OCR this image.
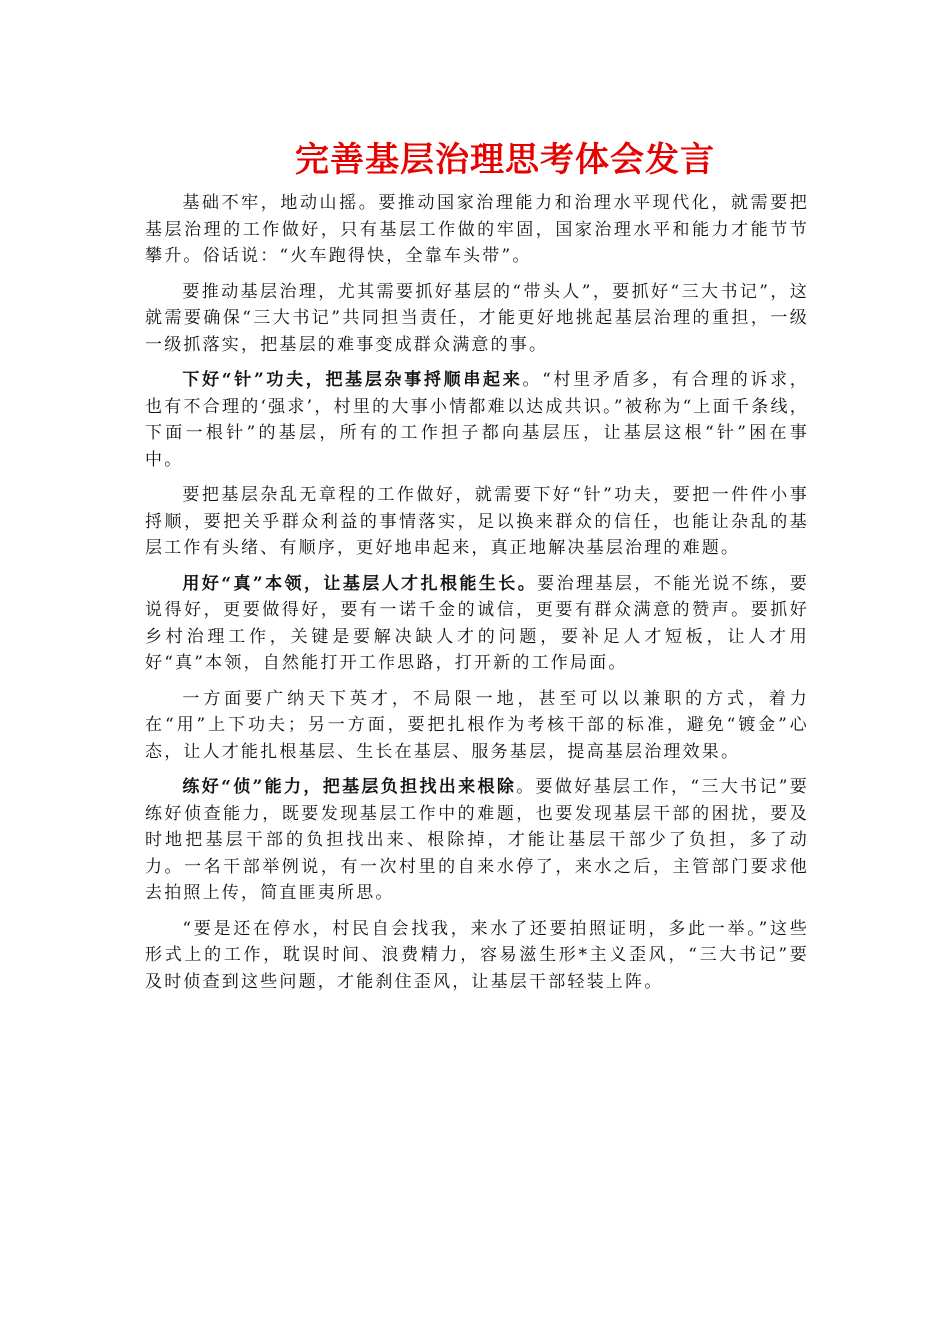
完善基层治理思考体会发言

基础不牢，地动山摇。要推动国家治理能力和治理水平现代化，就需要把基层治理的工作做好，只有基层工作做的牢固，国家治理水平和能力才能节节攀升。俗话说：“火车跑得快，全靠车头带”。

要推动基层治理，尤其需要抓好基层的“带头人”，要抓好“三大书记”，这就需要确保“三大书记”共同担当责任，才能更好地挑起基层治理的重担，一级一级抓落实，把基层的难事变成群众满意的事。

下好“针”功夫，把基层杂事捋顺串起来。“村里矛盾多，有合理的诉求，也有不合理的‘强求’，村里的大事小情都难以达成共识。”被称为“上面千条线，下面一根针”的基层，所有的工作担子都向基层压，让基层这根“针”困在事中。

要把基层杂乱无章程的工作做好，就需要下好“针”功夫，要把一件件小事捋顺，要把关乎群众利益的事情落实，足以换来群众的信任，也能让杂乱的基层工作有头绪、有顺序，更好地串起来，真正地解决基层治理的难题。

用好“真”本领，让基层人才扎根能生长。要治理基层，不能光说不练，要说得好，更要做得好，要有一诺千金的诚信，更要有群众满意的赞声。要抓好乡村治理工作，关键是要解决缺人才的问题，要补足人才短板，让人才用好“真”本领，自然能打开工作思路，打开新的工作局面。

一方面要广纳天下英才，不局限一地，甚至可以以兼职的方式，着力在“用”上下功夫；另一方面，要把扎根作为考核干部的标准，避免“镀金”心态，让人才能扎根基层、生长在基层、服务基层，提高基层治理效果。

练好“侦”能力，把基层负担找出来根除。要做好基层工作，“三大书记”要练好侦查能力，既要发现基层工作中的难题，也要发现基层干部的困扰，要及时地把基层干部的负担找出来、根除掉，才能让基层干部少了负担，多了动力。一名干部举例说，有一次村里的自来水停了，来水之后，主管部门要求他去拍照上传，简直匪夷所思。

“要是还在停水，村民自会找我，来水了还要拍照证明，多此一举。”这些形式上的工作，耽误时间、浪费精力，容易滋生形*主义歪风，“三大书记”要及时侦查到这些问题，才能刹住歪风，让基层干部轻装上阵。
